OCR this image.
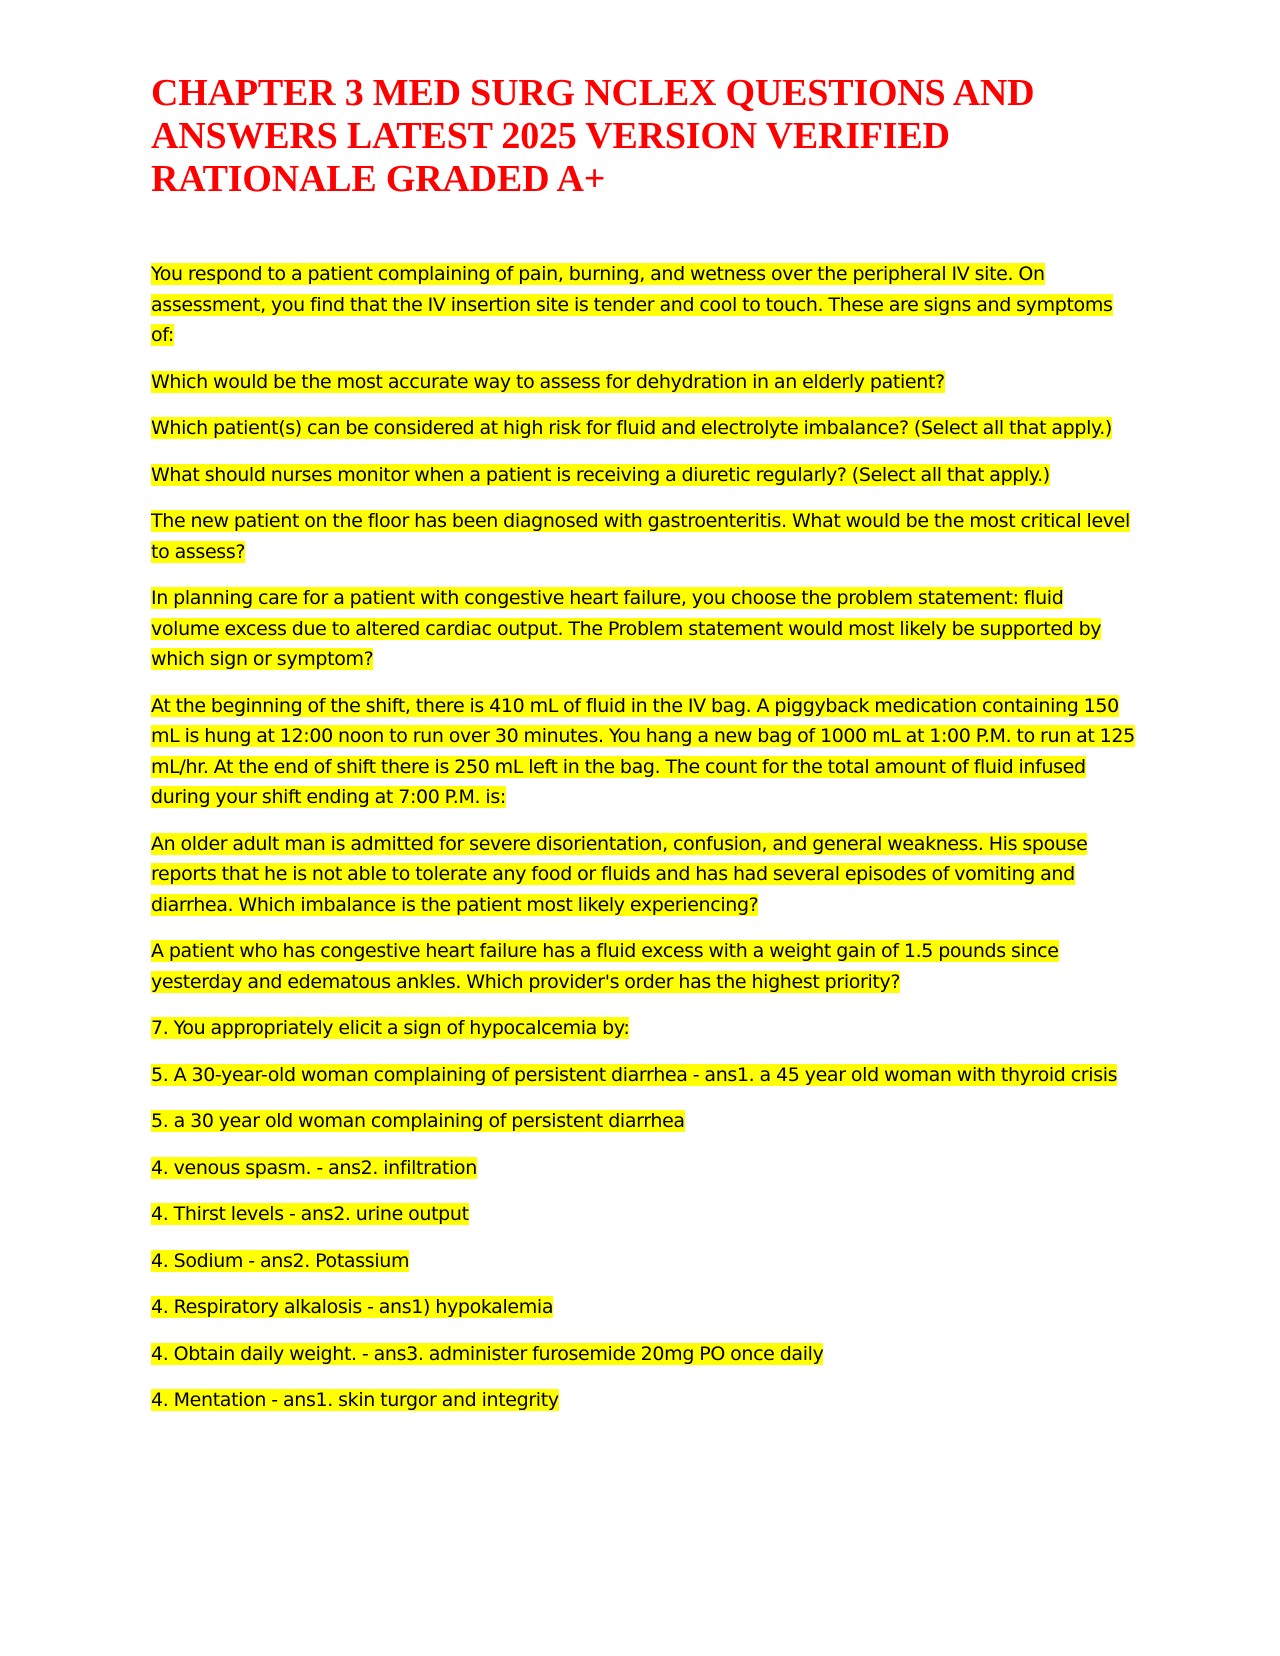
CHAPTER 3 MED SURG NCLEX QUESTIONS AND ANSWERS LATEST 2025 VERSION VERIFIED RATIONALE GRADED A+
You respond to a patient complaining of pain, burning, and wetness over the peripheral IV site. On assessment, you find that the IV insertion site is tender and cool to touch. These are signs and symptoms of:
Which would be the most accurate way to assess for dehydration in an elderly patient?
Which patient(s) can be considered at high risk for fluid and electrolyte imbalance? (Select all that apply.)
What should nurses monitor when a patient is receiving a diuretic regularly? (Select all that apply.)
The new patient on the floor has been diagnosed with gastroenteritis. What would be the most critical level to assess?
In planning care for a patient with congestive heart failure, you choose the problem statement: fluid volume excess due to altered cardiac output. The Problem statement would most likely be supported by which sign or symptom?
At the beginning of the shift, there is 410 mL of fluid in the IV bag. A piggyback medication containing 150 mL is hung at 12:00 noon to run over 30 minutes. You hang a new bag of 1000 mL at 1:00 P.M. to run at 125 mL/hr. At the end of shift there is 250 mL left in the bag. The count for the total amount of fluid infused during your shift ending at 7:00 P.M. is:
An older adult man is admitted for severe disorientation, confusion, and general weakness. His spouse reports that he is not able to tolerate any food or fluids and has had several episodes of vomiting and diarrhea. Which imbalance is the patient most likely experiencing?
A patient who has congestive heart failure has a fluid excess with a weight gain of 1.5 pounds since yesterday and edematous ankles. Which provider's order has the highest priority?
7. You appropriately elicit a sign of hypocalcemia by:
5. A 30-year-old woman complaining of persistent diarrhea - ans1. a 45 year old woman with thyroid crisis
5. a 30 year old woman complaining of persistent diarrhea
4. venous spasm. - ans2. infiltration
4. Thirst levels - ans2. urine output
4. Sodium - ans2. Potassium
4. Respiratory alkalosis - ans1) hypokalemia
4. Obtain daily weight. - ans3. administer furosemide 20mg PO once daily
4. Mentation - ans1. skin turgor and integrity
